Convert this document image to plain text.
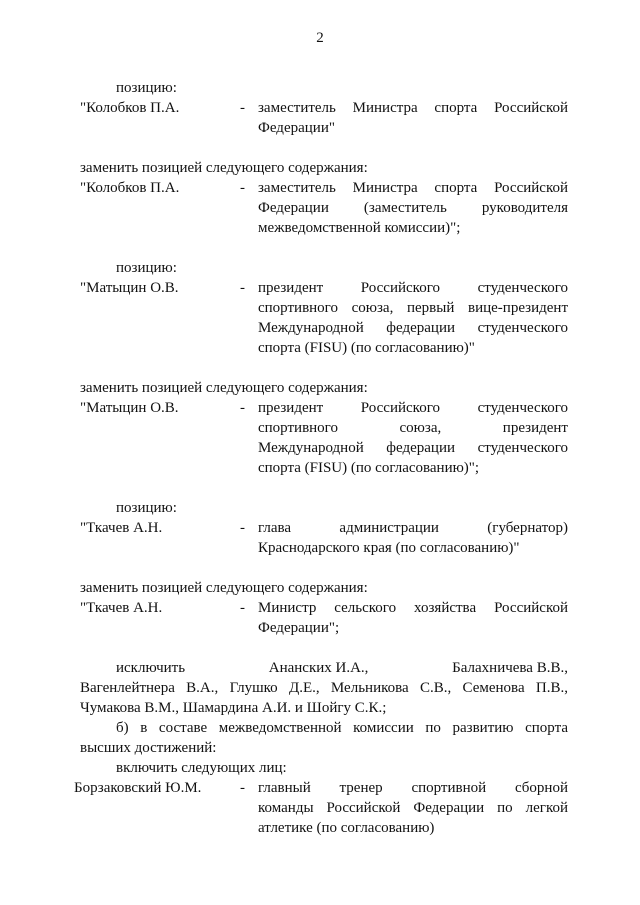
2

позицию:

"Колобков П.А.	- заместитель Министра спорта Российской
Федерации"

заменить позицией следующего содержания:

"Колобков П.А.	- заместитель Министра спорта Российской
Федерации (заместитель руководителя
межведомственной комиссии)";

позицию:

"Матыцин О.В.	- президент Российского студенческого
спортивного союза, первый вице-президент
Международной федерации студенческого
спорта (FISU) (по согласованию)"

заменить позицией следующего содержания:

"Матыцин О.В.	- президент Российского студенческого
спортивного союза, президент
Международной федерации студенческого
спорта (FISU) (по согласованию)";

позицию:

"Ткачев А.Н.	- глава администрации (губернатор)
Краснодарского края (по согласованию)"

заменить позицией следующего содержания:

"Ткачев А.Н.	- Министр сельского хозяйства Российской
Федерации";
исключить	Ананских И.А.,	Балахничева В.В.,

Вагенлейтнера В.А., Глушко Д.Е., Мельникова С.В., Семенова П.В.,

Чумакова В.М., Шамардина А.И. и Шойгу С.К.;

б) в составе межведомственной комиссии по развитию спорта

высших достижений:

включить следующих лиц:

Борзаковский Ю.М.	- главный тренер спортивной сборной
команды Российской Федерации по легкой
атлетике (по согласованию)
